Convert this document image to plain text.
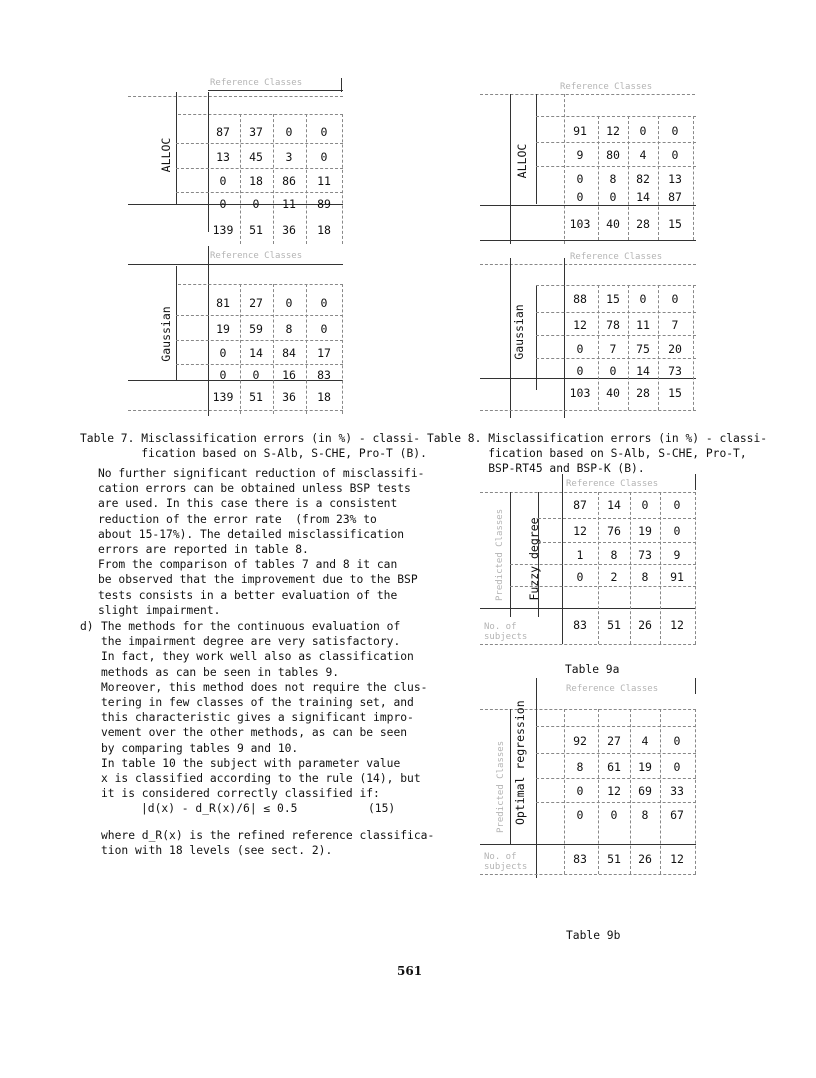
Reference Classes
ALLOC
Reference Classes
Gaussian
87	37	0	0
13	45	3	0
0	18	86	11
0	0	11	89
139	51	36	18
81	27	0	0
19	59	8	0
0	14	84	17
0	0	16	83
139	51	36	18
Table 7. Misclassification errors (in %) - classi-
fication based on S-Alb, S-CHE, Pro-T (B).
Reference Classes
ALLOC
Reference Classes
Gaussian
91	12	0	0
9	80	4	0
0	8	82	13
0	0	14	87
103	40	28	15
88	15	0	0
12	78	11	7
0	7	75	20
0	0	14	73
103	40	28	15
Table 8. Misclassification errors (in %) - classi-
fication based on S-Alb, S-CHE, Pro-T,
BSP-RT45 and BSP-K (B).
No further significant reduction of misclassifi-
cation errors can be obtained unless BSP tests
are used. In this case there is a consistent
reduction of the error rate  (from 23% to
about 15-17%). The detailed misclassification
errors are reported in table 8.
From the comparison of tables 7 and 8 it can
be observed that the improvement due to the BSP
tests consists in a better evaluation of the
slight impairment.
d) The methods for the continuous evaluation of
the impairment degree are very satisfactory.
In fact, they work well also as classification
methods as can be seen in tables 9.
Moreover, this method does not require the clus-
tering in few classes of the training set, and
this characteristic gives a significant impro-
vement over the other methods, as can be seen
by comparing tables 9 and 10.
In table 10 the subject with parameter value
x is classified according to the rule (14), but
it is considered correctly classified if:
|d(x) - d_R(x)/6| ≤ 0.5	(15)
where d_R(x) is the refined reference classifica-
tion with 18 levels (see sect. 2).
Reference Classes
Predicted Classes Fuzzy degree
No. of subjects
87	14	0	0
12	76	19	0
1	8	73	9
0	2	8	91
83	51	26	12
Table 9a
Reference Classes
Predicted Classes Optimal regression
No. of subjects
92	27	4	0
8	61	19	0
0	12	69	33
0	0	8	67
83	51	26	12
Table 9b
561
